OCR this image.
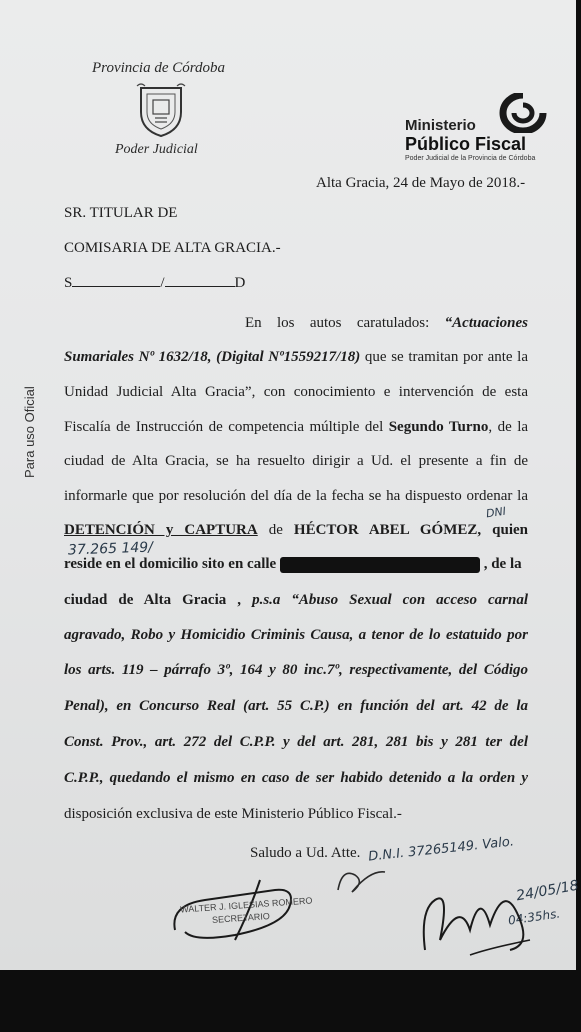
Para uso Oficial
Provincia de Córdoba
Poder Judicial
Ministerio
Público Fiscal
Poder Judicial de la Provincia de Córdoba
Alta Gracia, 24 de Mayo de 2018.-
SR. TITULAR DE
COMISARIA DE ALTA GRACIA.-
S	/	D
En los autos caratulados: “Actuaciones
Sumariales Nº 1632/18, (Digital Nº1559217/18) que se tramitan por ante la
Unidad Judicial Alta Gracia”, con conocimiento e intervención de esta
Fiscalía de Instrucción de competencia múltiple del Segundo Turno, de la
ciudad de Alta Gracia, se ha resuelto dirigir a Ud. el presente a fin de
informarle que por resolución del día de la fecha se ha dispuesto ordenar la
DETENCIÓN y CAPTURA de HÉCTOR ABEL GÓMEZ, quien
reside en el domicilio sito en calle	, de la
ciudad de Alta Gracia , p.s.a “Abuso Sexual con acceso carnal
agravado, Robo y Homicidio Criminis Causa, a tenor de lo estatuido por
los arts. 119 – párrafo 3º, 164 y 80 inc.7º, respectivamente, del Código
Penal), en Concurso Real (art. 55 C.P.) en función del art. 42 de la
Const. Prov., art. 272 del C.P.P. y del art. 281, 281 bis y 281 ter del
C.P.P., quedando el mismo en caso de ser habido detenido a la orden y
disposición exclusiva de este Ministerio Público Fiscal.-
Saludo a Ud. Atte.
DNI
37.265 149/
D.N.I. 37265149. Valo.
24/05/18
04:35hs.
WALTER J. IGLESIAS ROMERO
SECRETARIO
